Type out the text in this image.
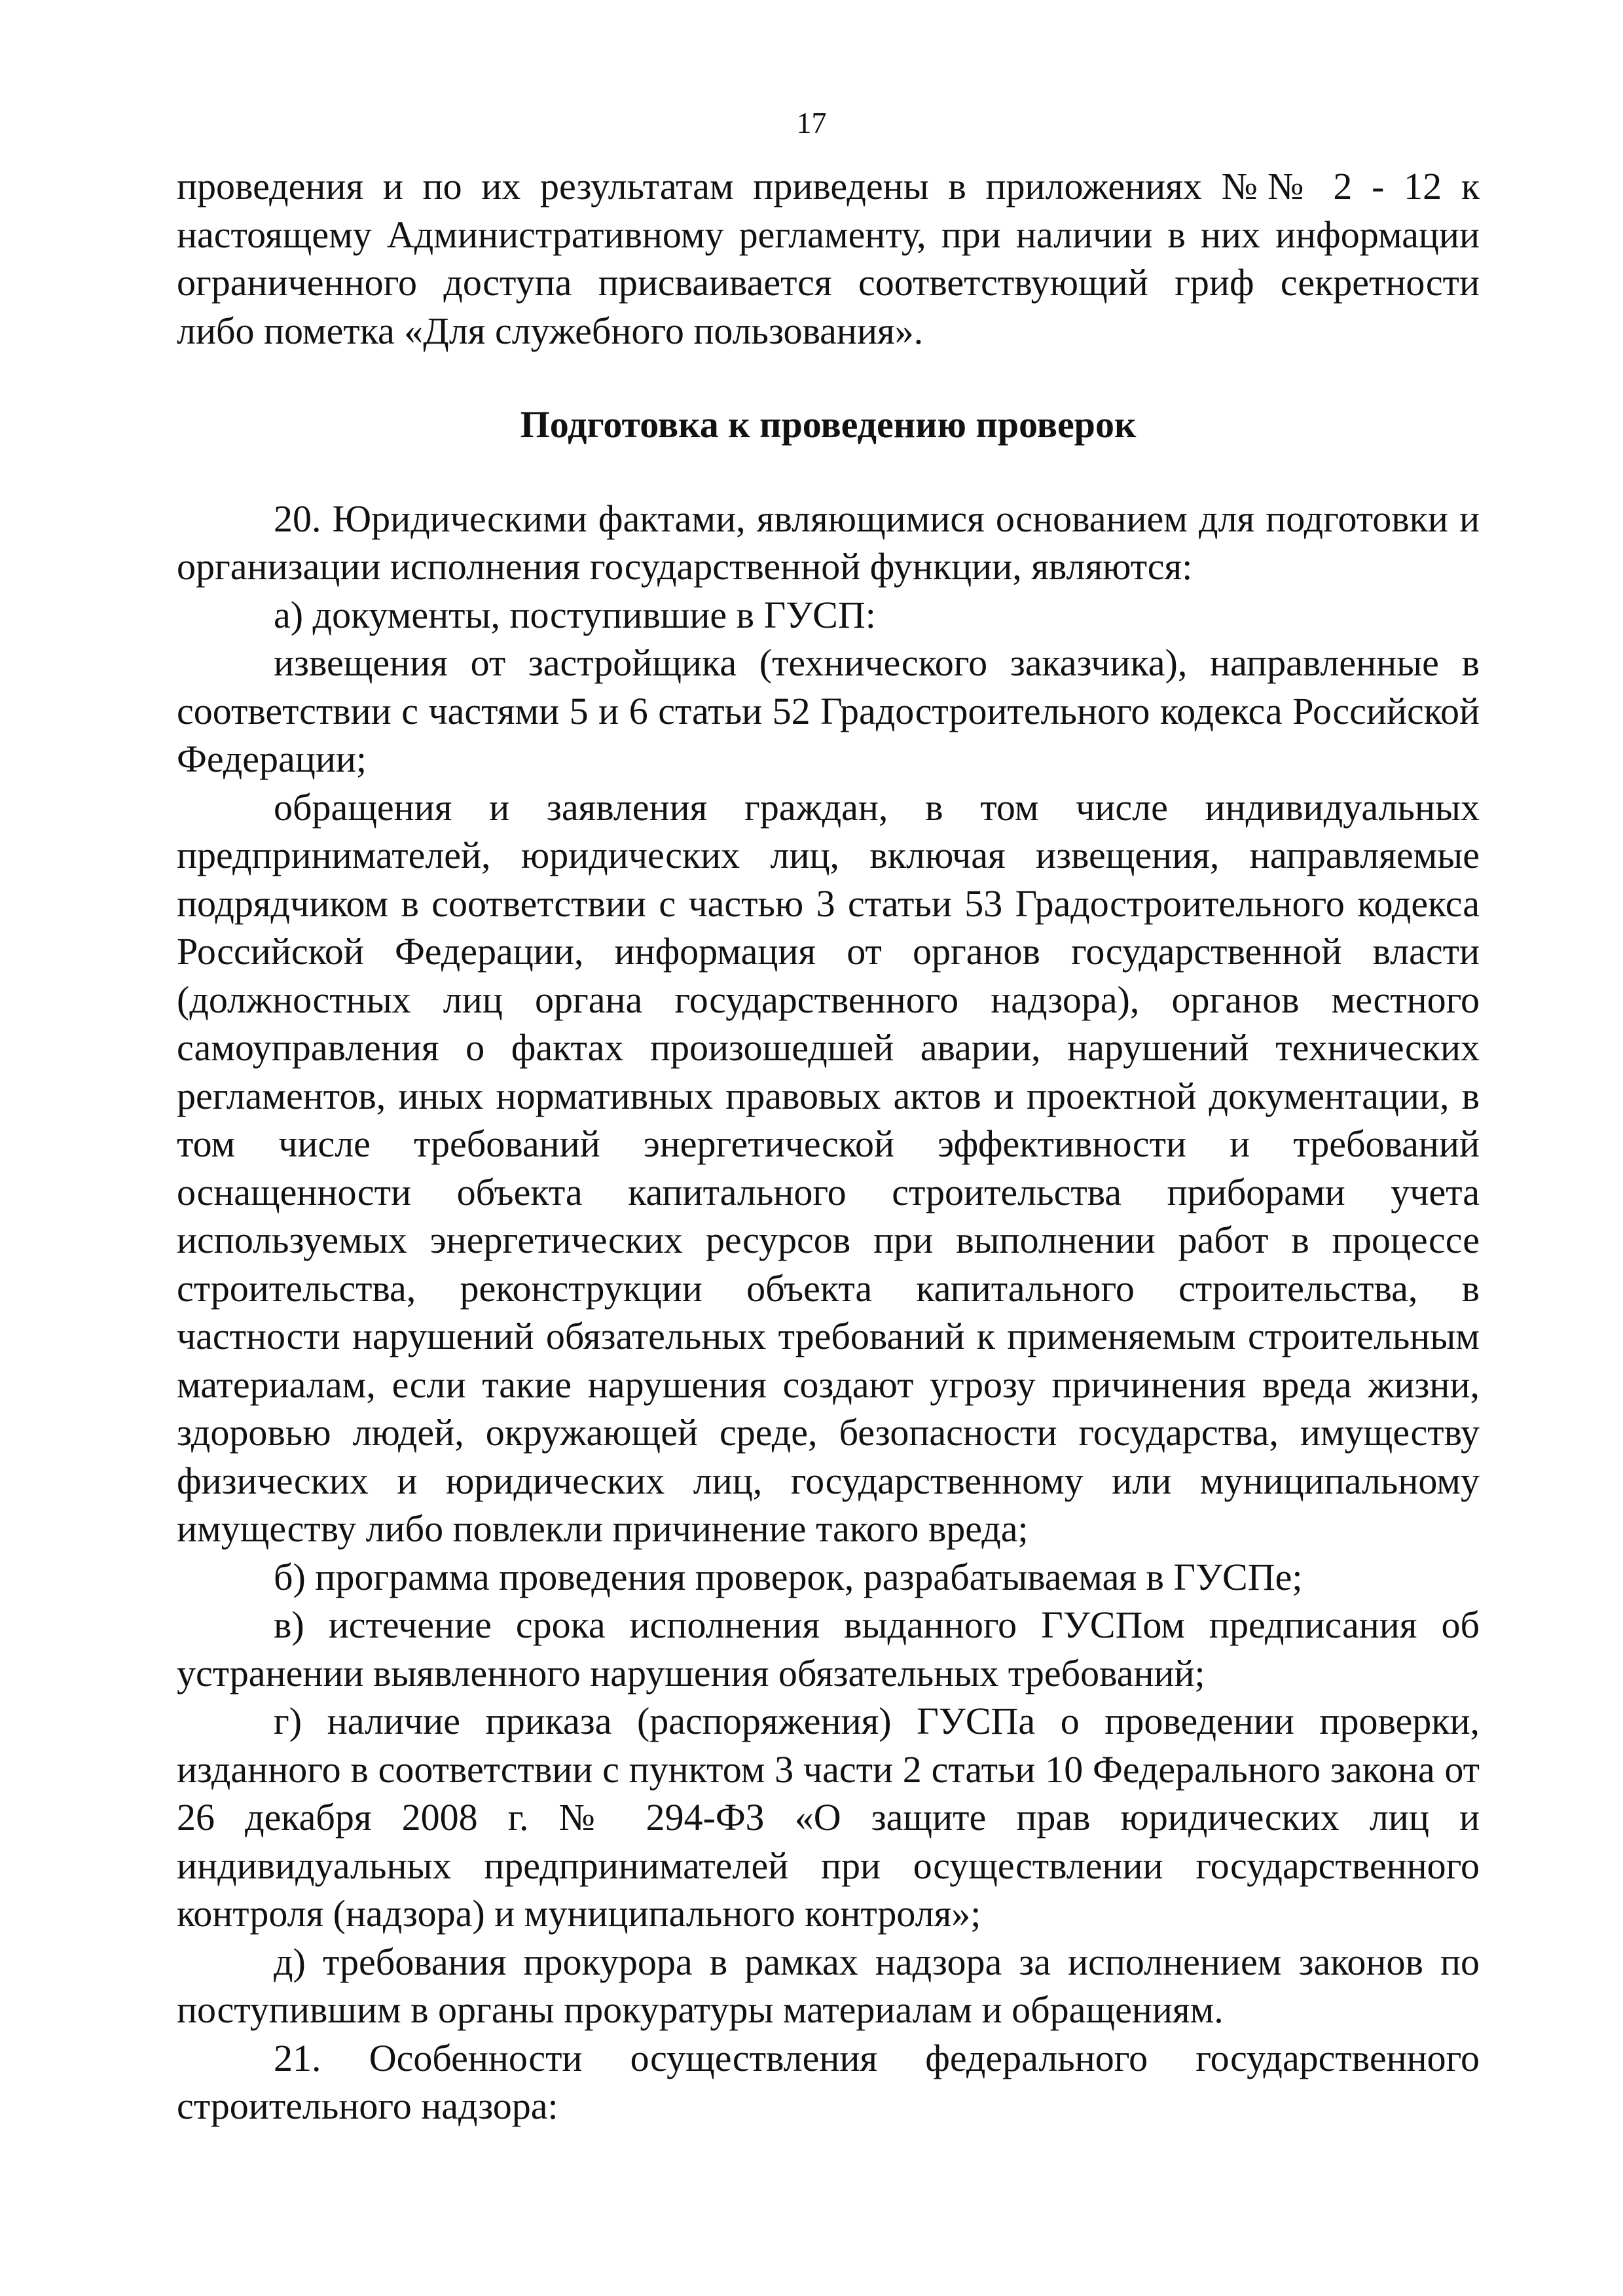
17

проведения и по их результатам приведены в приложениях №№ 2 - 12 к настоящему Административному регламенту, при наличии в них информации ограниченного доступа присваивается соответствующий гриф секретности либо пометка «Для служебного пользования».

Подготовка к проведению проверок

20. Юридическими фактами, являющимися основанием для подготовки и организации исполнения государственной функции, являются:

а) документы, поступившие в ГУСП:

извещения от застройщика (технического заказчика), направленные в соответствии с частями 5 и 6 статьи 52 Градостроительного кодекса Российской Федерации;

обращения и заявления граждан, в том числе индивидуальных предпринимателей, юридических лиц, включая извещения, направляемые подрядчиком в соответствии с частью 3 статьи 53 Градостроительного кодекса Российской Федерации, информация от органов государственной власти (должностных лиц органа государственного надзора), органов местного самоуправления о фактах произошедшей аварии, нарушений технических регламентов, иных нормативных правовых актов и проектной документации, в том числе требований энергетической эффективности и требований оснащенности объекта капитального строительства приборами учета используемых энергетических ресурсов при выполнении работ в процессе строительства, реконструкции объекта капитального строительства, в частности нарушений обязательных требований к применяемым строительным материалам, если такие нарушения создают угрозу причинения вреда жизни, здоровью людей, окружающей среде, безопасности государства, имуществу физических и юридических лиц, государственному или муниципальному имуществу либо повлекли причинение такого вреда;

б) программа проведения проверок, разрабатываемая в ГУСПе;

в) истечение срока исполнения выданного ГУСПом предписания об устранении выявленного нарушения обязательных требований;

г) наличие приказа (распоряжения) ГУСПа о проведении проверки, изданного в соответствии с пунктом 3 части 2 статьи 10 Федерального закона от 26 декабря 2008 г. № 294-ФЗ «О защите прав юридических лиц и индивидуальных предпринимателей при осуществлении государственного контроля (надзора) и муниципального контроля»;

д) требования прокурора в рамках надзора за исполнением законов по поступившим в органы прокуратуры материалам и обращениям.

21. Особенности осуществления федерального государственного строительного надзора:
